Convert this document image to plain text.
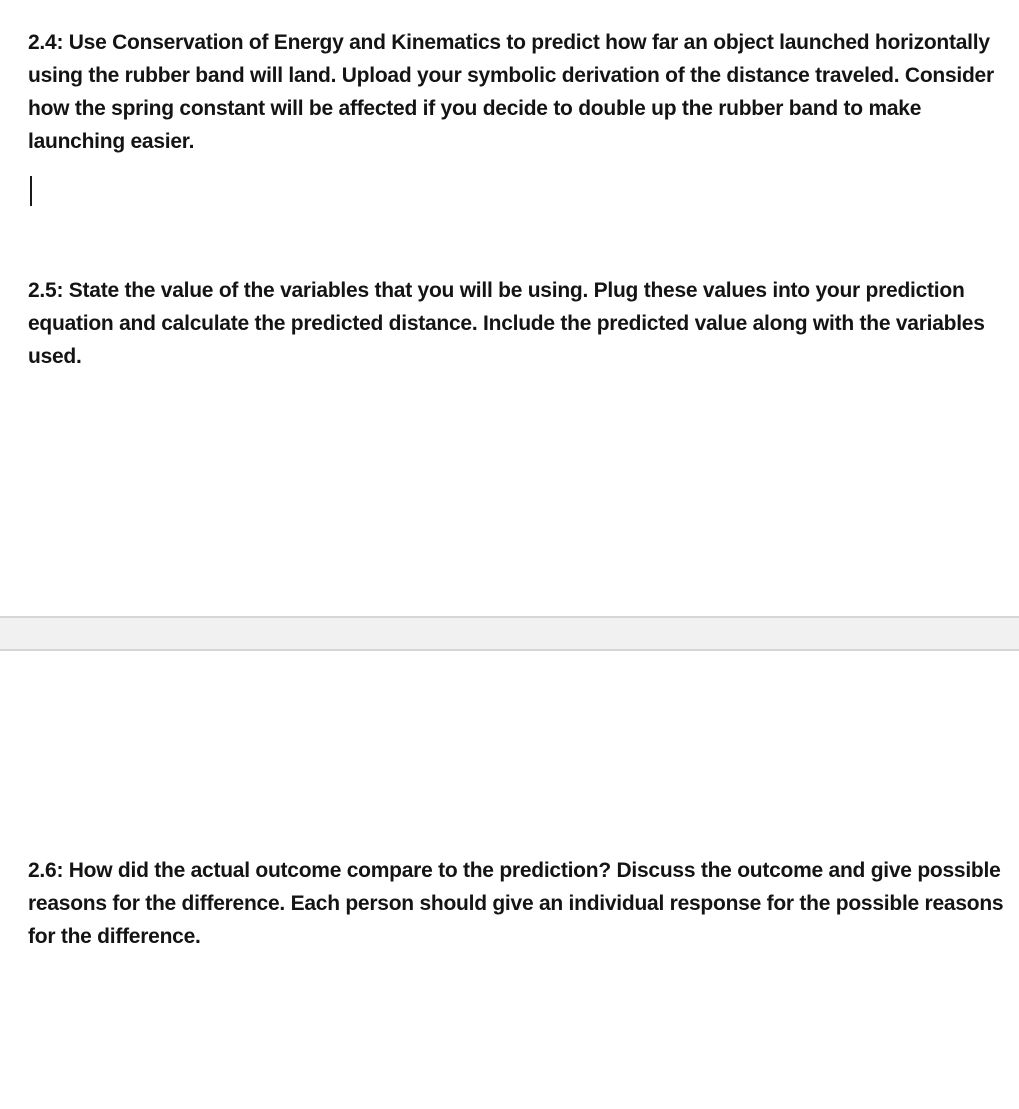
2.4: Use Conservation of Energy and Kinematics to predict how far an object launched horizontally using the rubber band will land. Upload your symbolic derivation of the distance traveled. Consider how the spring constant will be affected if you decide to double up the rubber band to make launching easier.

2.5: State the value of the variables that you will be using. Plug these values into your prediction equation and calculate the predicted distance. Include the predicted value along with the variables used.

2.6: How did the actual outcome compare to the prediction? Discuss the outcome and give possible reasons for the difference. Each person should give an individual response for the possible reasons for the difference.
